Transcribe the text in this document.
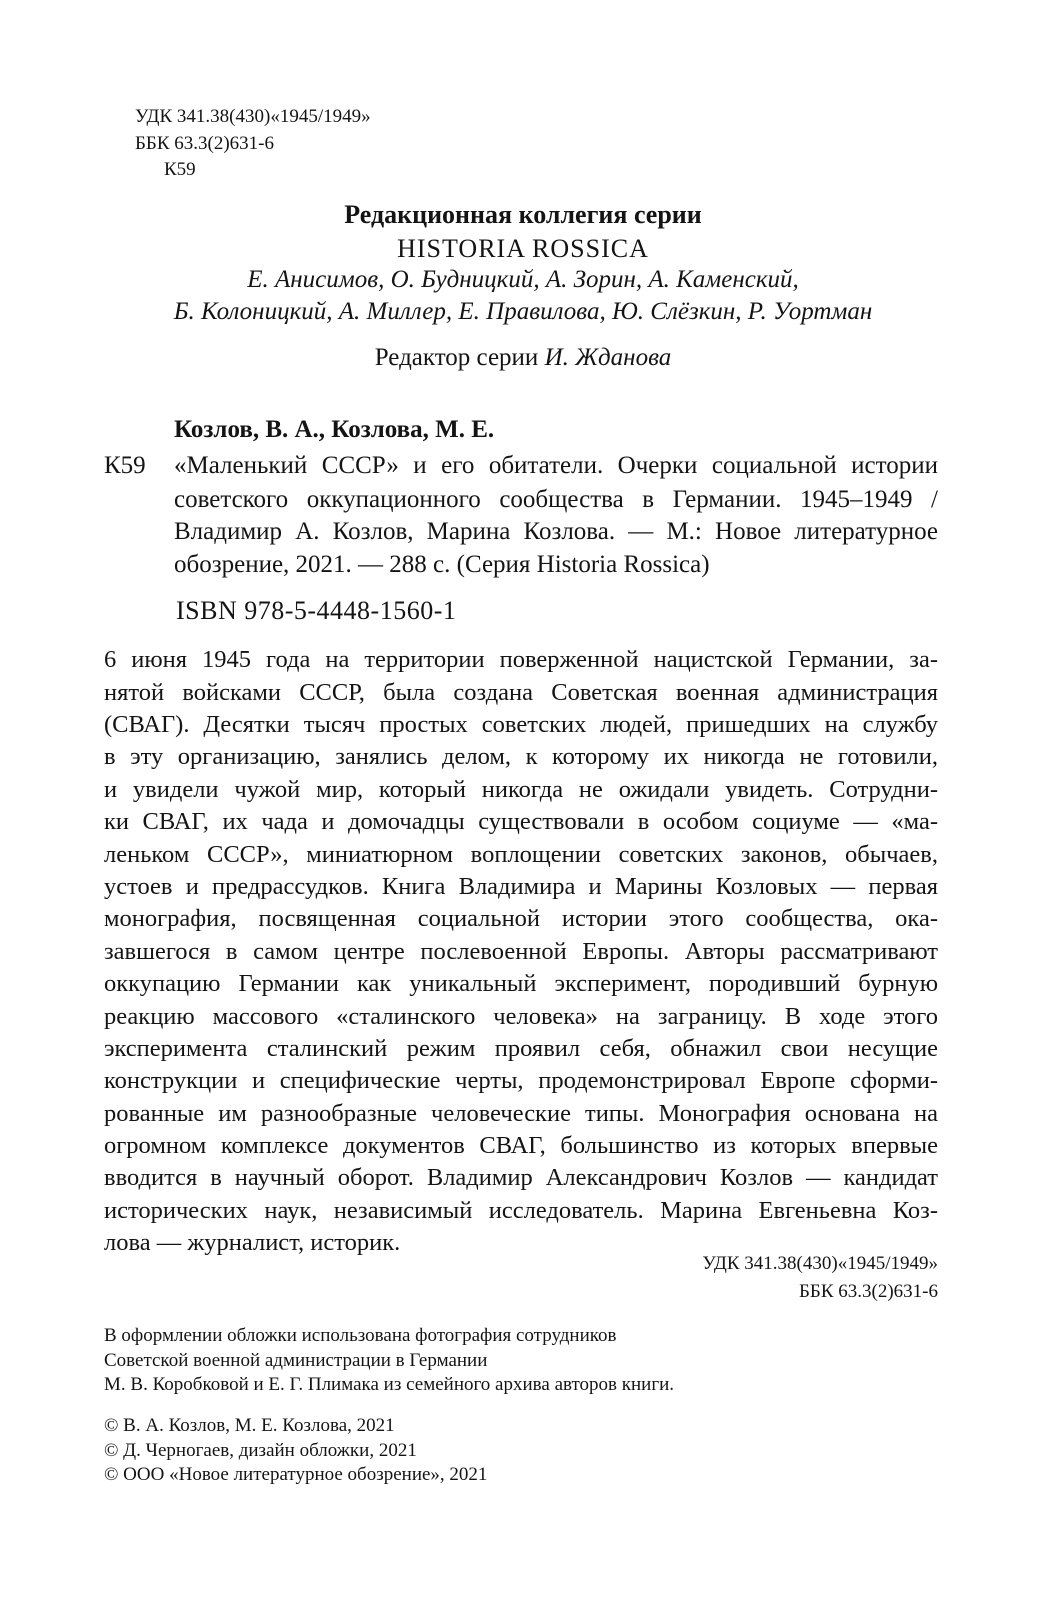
УДК 341.38(430)«1945/1949»
ББК 63.3(2)631-6
К59
Редакционная коллегия серии
HISTORIA ROSSICA
Е. Анисимов, О. Будницкий, А. Зорин, А. Каменский,
Б. Колоницкий, А. Миллер, Е. Правилова, Ю. Слёзкин, Р. Уортман
Редактор серии И. Жданова
Козлов, В. А., Козлова, М. Е.
К59 «Маленький СССР» и его обитатели. Очерки социальной истории
советского оккупационного сообщества в Германии. 1945–1949 /
Владимир А. Козлов, Марина Козлова. — М.: Новое литературное
обозрение, 2021. — 288 с. (Серия Historia Rossica)
ISBN 978-5-4448-1560-1
6 июня 1945 года на территории поверженной нацистской Германии, за-
нятой войсками СССР, была создана Советская военная администрация
(СВАГ). Десятки тысяч простых советских людей, пришедших на службу
в эту организацию, занялись делом, к которому их никогда не готовили,
и увидели чужой мир, который никогда не ожидали увидеть. Сотрудни-
ки СВАГ, их чада и домочадцы существовали в особом социуме — «ма-
леньком СССР», миниатюрном воплощении советских законов, обычаев,
устоев и предрассудков. Книга Владимира и Марины Козловых — первая
монография, посвященная социальной истории этого сообщества, ока-
завшегося в самом центре послевоенной Европы. Авторы рассматривают
оккупацию Германии как уникальный эксперимент, породивший бурную
реакцию массового «сталинского человека» на заграницу. В ходе этого
эксперимента сталинский режим проявил себя, обнажил свои несущие
конструкции и специфические черты, продемонстрировал Европе сформи-
рованные им разнообразные человеческие типы. Монография основана на
огромном комплексе документов СВАГ, большинство из которых впервые
вводится в научный оборот. Владимир Александрович Козлов — кандидат
исторических наук, независимый исследователь. Марина Евгеньевна Коз-
лова — журналист, историк.
УДК 341.38(430)«1945/1949»
ББК 63.3(2)631-6
В оформлении обложки использована фотография сотрудников
Советской военной администрации в Германии
М. В. Коробковой и Е. Г. Плимака из семейного архива авторов книги.
© В. А. Козлов, М. Е. Козлова, 2021
© Д. Черногаев, дизайн обложки, 2021
© ООО «Новое литературное обозрение», 2021
